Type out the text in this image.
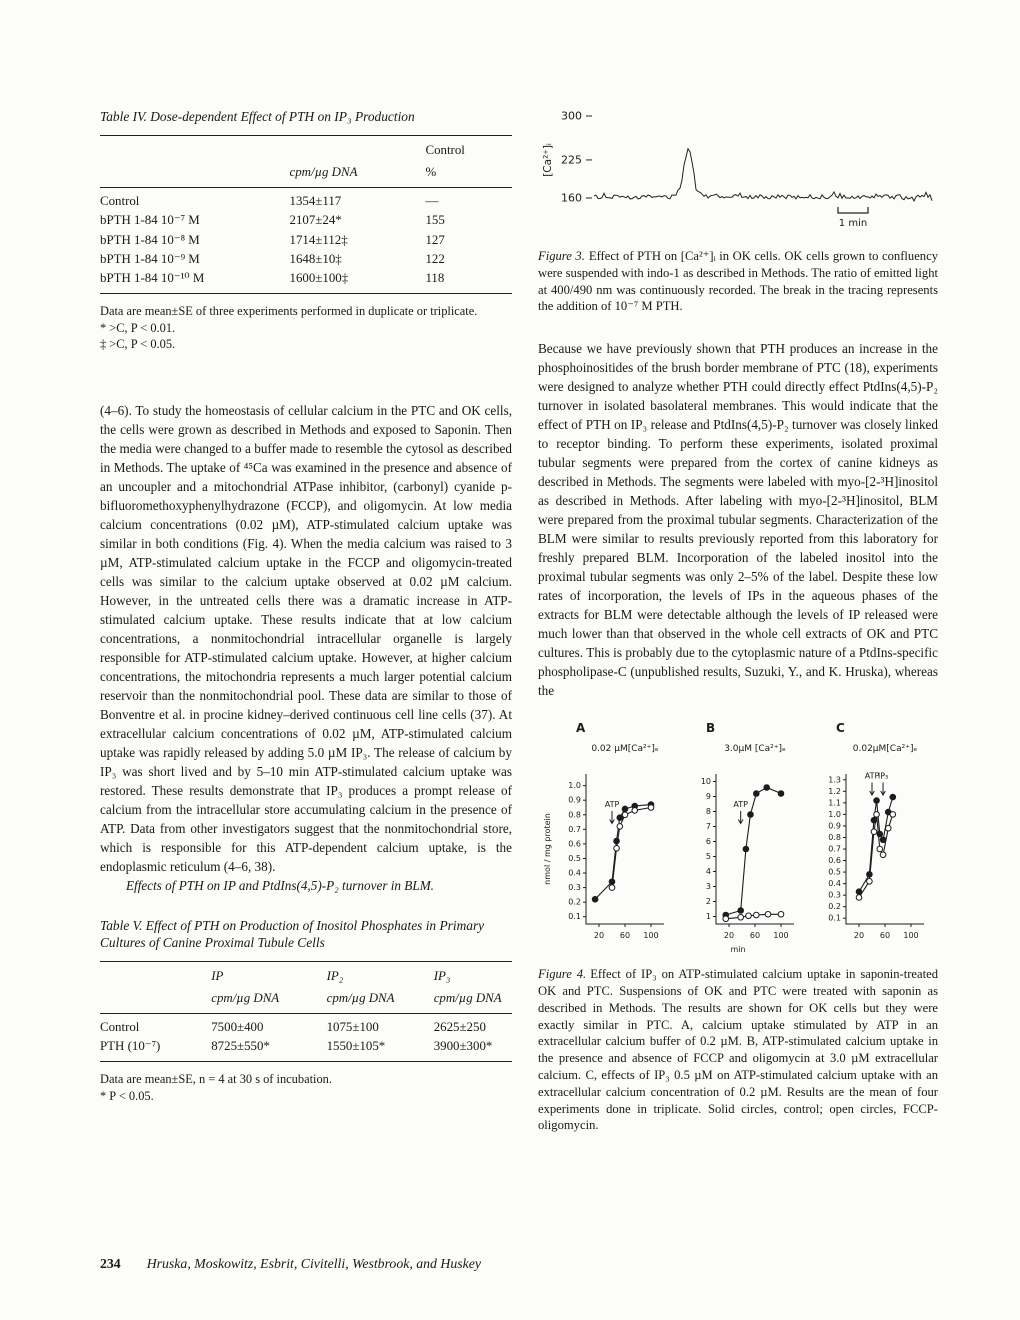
Table IV. Dose-dependent Effect of PTH on IP₃ Production
		Control
	cpm/µg DNA	%
Control	1354±117	—
bPTH 1-84 10⁻⁷ M	2107±24*	155
bPTH 1-84 10⁻⁸ M	1714±112‡	127
bPTH 1-84 10⁻⁹ M	1648±10‡	122
bPTH 1-84 10⁻¹⁰ M	1600±100‡	118
Data are mean±SE of three experiments performed in duplicate or triplicate.
* >C, P < 0.01.
‡ >C, P < 0.05.

(4–6). To study the homeostasis of cellular calcium in the PTC and OK cells, the cells were grown as described in Methods and exposed to Saponin. Then the media were changed to a buffer made to resemble the cytosol as described in Methods. The uptake of ⁴⁵Ca was examined in the presence and absence of an uncoupler and a mitochondrial ATPase inhibitor, (carbonyl) cyanide p-bifluoromethoxyphenylhydrazone (FCCP), and oligomycin. At low media calcium concentrations (0.02 µM), ATP-stimulated calcium uptake was similar in both conditions (Fig. 4). When the media calcium was raised to 3 µM, ATP-stimulated calcium uptake in the FCCP and oligomycin-treated cells was similar to the calcium uptake observed at 0.02 µM calcium. However, in the untreated cells there was a dramatic increase in ATP-stimulated calcium uptake. These results indicate that at low calcium concentrations, a nonmitochondrial intracellular organelle is largely responsible for ATP-stimulated calcium uptake. However, at higher calcium concentrations, the mitochondria represents a much larger potential calcium reservoir than the nonmitochondrial pool. These data are similar to those of Bonventre et al. in procine kidney–derived continuous cell line cells (37). At extracellular calcium concentrations of 0.02 µM, ATP-stimulated calcium uptake was rapidly released by adding 5.0 µM IP₃. The release of calcium by IP₃ was short lived and by 5–10 min ATP-stimulated calcium uptake was restored. These results demonstrate that IP₃ produces a prompt release of calcium from the intracellular store accumulating calcium in the presence of ATP. Data from other investigators suggest that the nonmitochondrial store, which is responsible for this ATP-dependent calcium uptake, is the endoplasmic reticulum (4–6, 38).

Effects of PTH on IP and PtdIns(4,5)-P₂ turnover in BLM.
Table V. Effect of PTH on Production of Inositol Phosphates in Primary Cultures of Canine Proximal Tubule Cells
	IP	IP₂	IP₃
	cpm/µg DNA	cpm/µg DNA	cpm/µg DNA
Control	7500±400	1075±100	2625±250
PTH (10⁻⁷)	8725±550*	1550±105*	3900±300*
Data are mean±SE, n = 4 at 30 s of incubation.
* P < 0.05.
[Ca²⁺]ᵢ
300
225
160
1 min

Figure 3. Effect of PTH on [Ca²⁺]ᵢ in OK cells. OK cells grown to confluency were suspended with indo-1 as described in Methods. The ratio of emitted light at 400/490 nm was continuously recorded. The break in the tracing represents the addition of 10⁻⁷ M PTH.

Because we have previously shown that PTH produces an increase in the phosphoinositides of the brush border membrane of PTC (18), experiments were designed to analyze whether PTH could directly effect PtdIns(4,5)-P₂ turnover in isolated basolateral membranes. This would indicate that the effect of PTH on IP₃ release and PtdIns(4,5)-P₂ turnover was closely linked to receptor binding. To perform these experiments, isolated proximal tubular segments were prepared from the cortex of canine kidneys as described in Methods. The segments were labeled with myo-[2-³H]inositol as described in Methods. After labeling with myo-[2-³H]inositol, BLM were prepared from the proximal tubular segments. Characterization of the BLM were similar to results previously reported from this laboratory for freshly prepared BLM. Incorporation of the labeled inositol into the proximal tubular segments was only 2–5% of the label. Despite these low rates of incorporation, the levels of IPs in the aqueous phases of the extracts for BLM were detectable although the levels of IP released were much lower than that observed in the whole cell extracts of OK and PTC cultures. This is probably due to the cytoplasmic nature of a PtdIns-specific phospholipase-C (unpublished results, Suzuki, Y., and K. Hruska), whereas the

A
0.02 µM[Ca²⁺]ₑ
1.0
0.9
0.8
0.7
0.6
0.5
0.4
0.3
0.2
0.1
20 60 100
ATP
B
3.0µM [Ca²⁺]ₑ
10
9
8
7
6
5
4
3
2
1
20 60 100
ATP
C
0.02µM[Ca²⁺]ₑ
1.3
1.2
1.1
1.0
0.9
0.8
0.7
0.6
0.5
0.4
0.3
0.2
0.1
20 60 100
ATP
IP₃
nmol / mg protein
min

Figure 4. Effect of IP₃ on ATP-stimulated calcium uptake in saponin-treated OK and PTC. Suspensions of OK and PTC were treated with saponin as described in Methods. The results are shown for OK cells but they were exactly similar in PTC. A, calcium uptake stimulated by ATP in an extracellular calcium buffer of 0.2 µM. B, ATP-stimulated calcium uptake in the presence and absence of FCCP and oligomycin at 3.0 µM extracellular calcium. C, effects of IP₃ 0.5 µM on ATP-stimulated calcium uptake with an extracellular calcium concentration of 0.2 µM. Results are the mean of four experiments done in triplicate. Solid circles, control; open circles, FCCP-oligomycin.

234 Hruska, Moskowitz, Esbrit, Civitelli, Westbrook, and Huskey
